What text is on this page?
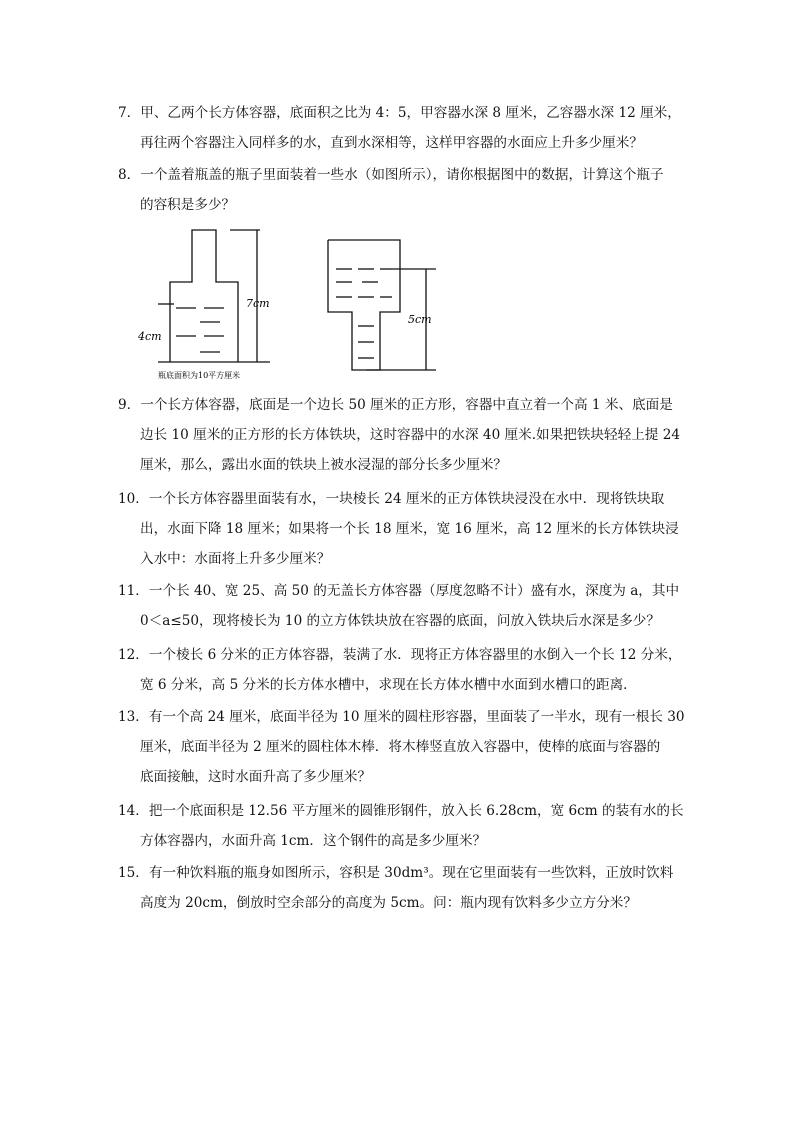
7．甲、乙两个长方体容器，底面积之比为 4：5，甲容器水深 8 厘米，乙容器水深 12 厘米，
再往两个容器注入同样多的水，直到水深相等，这样甲容器的水面应上升多少厘米？
8．一个盖着瓶盖的瓶子里面装着一些水（如图所示），请你根据图中的数据，计算这个瓶子
的容积是多少？
7cm
4cm
瓶底面积为10平方厘米
5cm
9．一个长方体容器，底面是一个边长 50 厘米的正方形，容器中直立着一个高 1 米、底面是
边长 10 厘米的正方形的长方体铁块，这时容器中的水深 40 厘米.如果把铁块轻轻上提 24
厘米，那么，露出水面的铁块上被水浸湿的部分长多少厘米？
10．一个长方体容器里面装有水，一块棱长 24 厘米的正方体铁块浸没在水中．现将铁块取
出，水面下降 18 厘米；如果将一个长 18 厘米，宽 16 厘米，高 12 厘米的长方体铁块浸
入水中：水面将上升多少厘米？
11．一个长 40、宽 25、高 50 的无盖长方体容器（厚度忽略不计）盛有水，深度为 a，其中
0＜a≤50，现将棱长为 10 的立方体铁块放在容器的底面，问放入铁块后水深是多少？
12．一个棱长 6 分米的正方体容器，装满了水．现将正方体容器里的水倒入一个长 12 分米，
宽 6 分米，高 5 分米的长方体水槽中，求现在长方体水槽中水面到水槽口的距离．
13．有一个高 24 厘米，底面半径为 10 厘米的圆柱形容器，里面装了一半水，现有一根长 30
厘米，底面半径为 2 厘米的圆柱体木棒．将木棒竖直放入容器中，使棒的底面与容器的
底面接触，这时水面升高了多少厘米？
14．把一个底面积是 12.56 平方厘米的圆锥形钢件，放入长 6.28cm，宽 6cm 的装有水的长
方体容器内，水面升高 1cm．这个钢件的高是多少厘米？
15．有一种饮料瓶的瓶身如图所示，容积是 30dm³。现在它里面装有一些饮料，正放时饮料
高度为 20cm，倒放时空余部分的高度为 5cm。问：瓶内现有饮料多少立方分米？
